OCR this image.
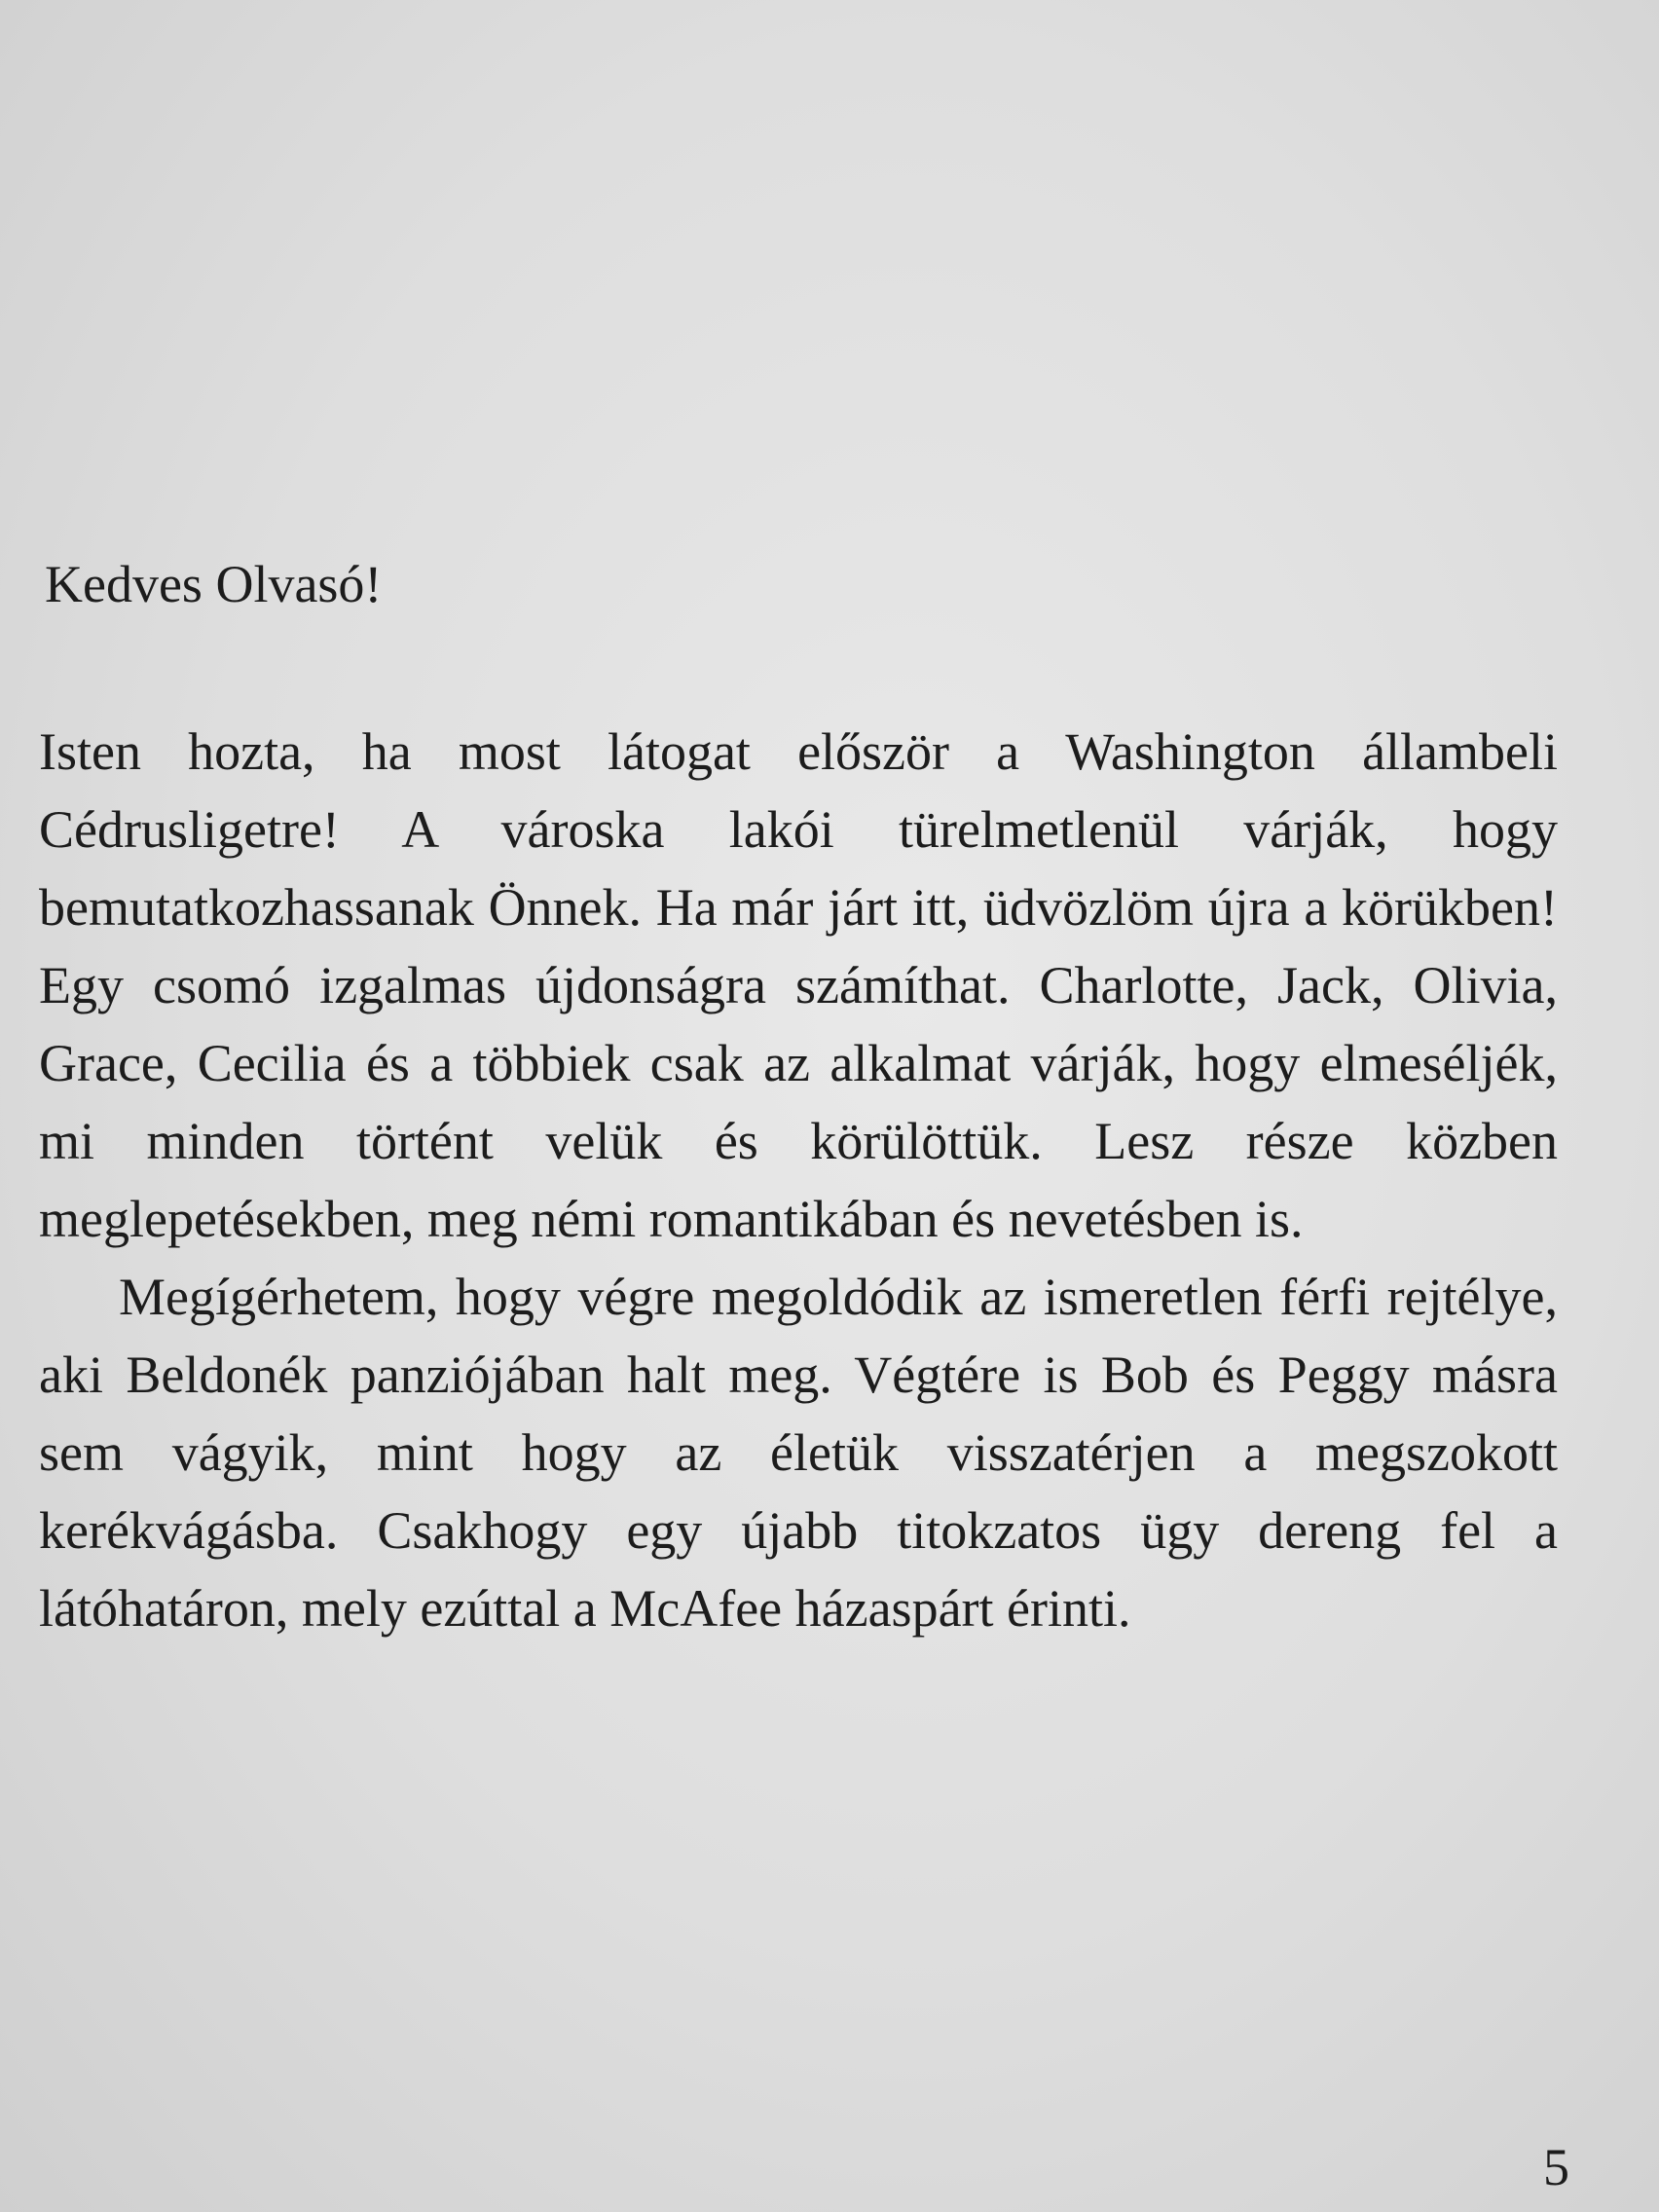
Kedves Olvasó!

Isten hozta, ha most látogat először a Washington állambeli Cédrusligetre! A városka lakói türelmetlenül várják, hogy bemutatkozhassanak Önnek. Ha már járt itt, üdvözlöm újra a körükben! Egy csomó izgalmas újdonságra számíthat. Charlotte, Jack, Olivia, Grace, Cecilia és a többiek csak az alkalmat várják, hogy elmeséljék, mi minden történt velük és körülöttük. Lesz része közben meglepetésekben, meg némi romantikában és nevetésben is.

Megígérhetem, hogy végre megoldódik az ismeretlen férfi rejtélye, aki Beldonék panziójában halt meg. Végtére is Bob és Peggy másra sem vágyik, mint hogy az életük visszatérjen a megszokott kerékvágásba. Csakhogy egy újabb titokzatos ügy dereng fel a látóhatáron, mely ezúttal a McAfee házaspárt érinti.

5
